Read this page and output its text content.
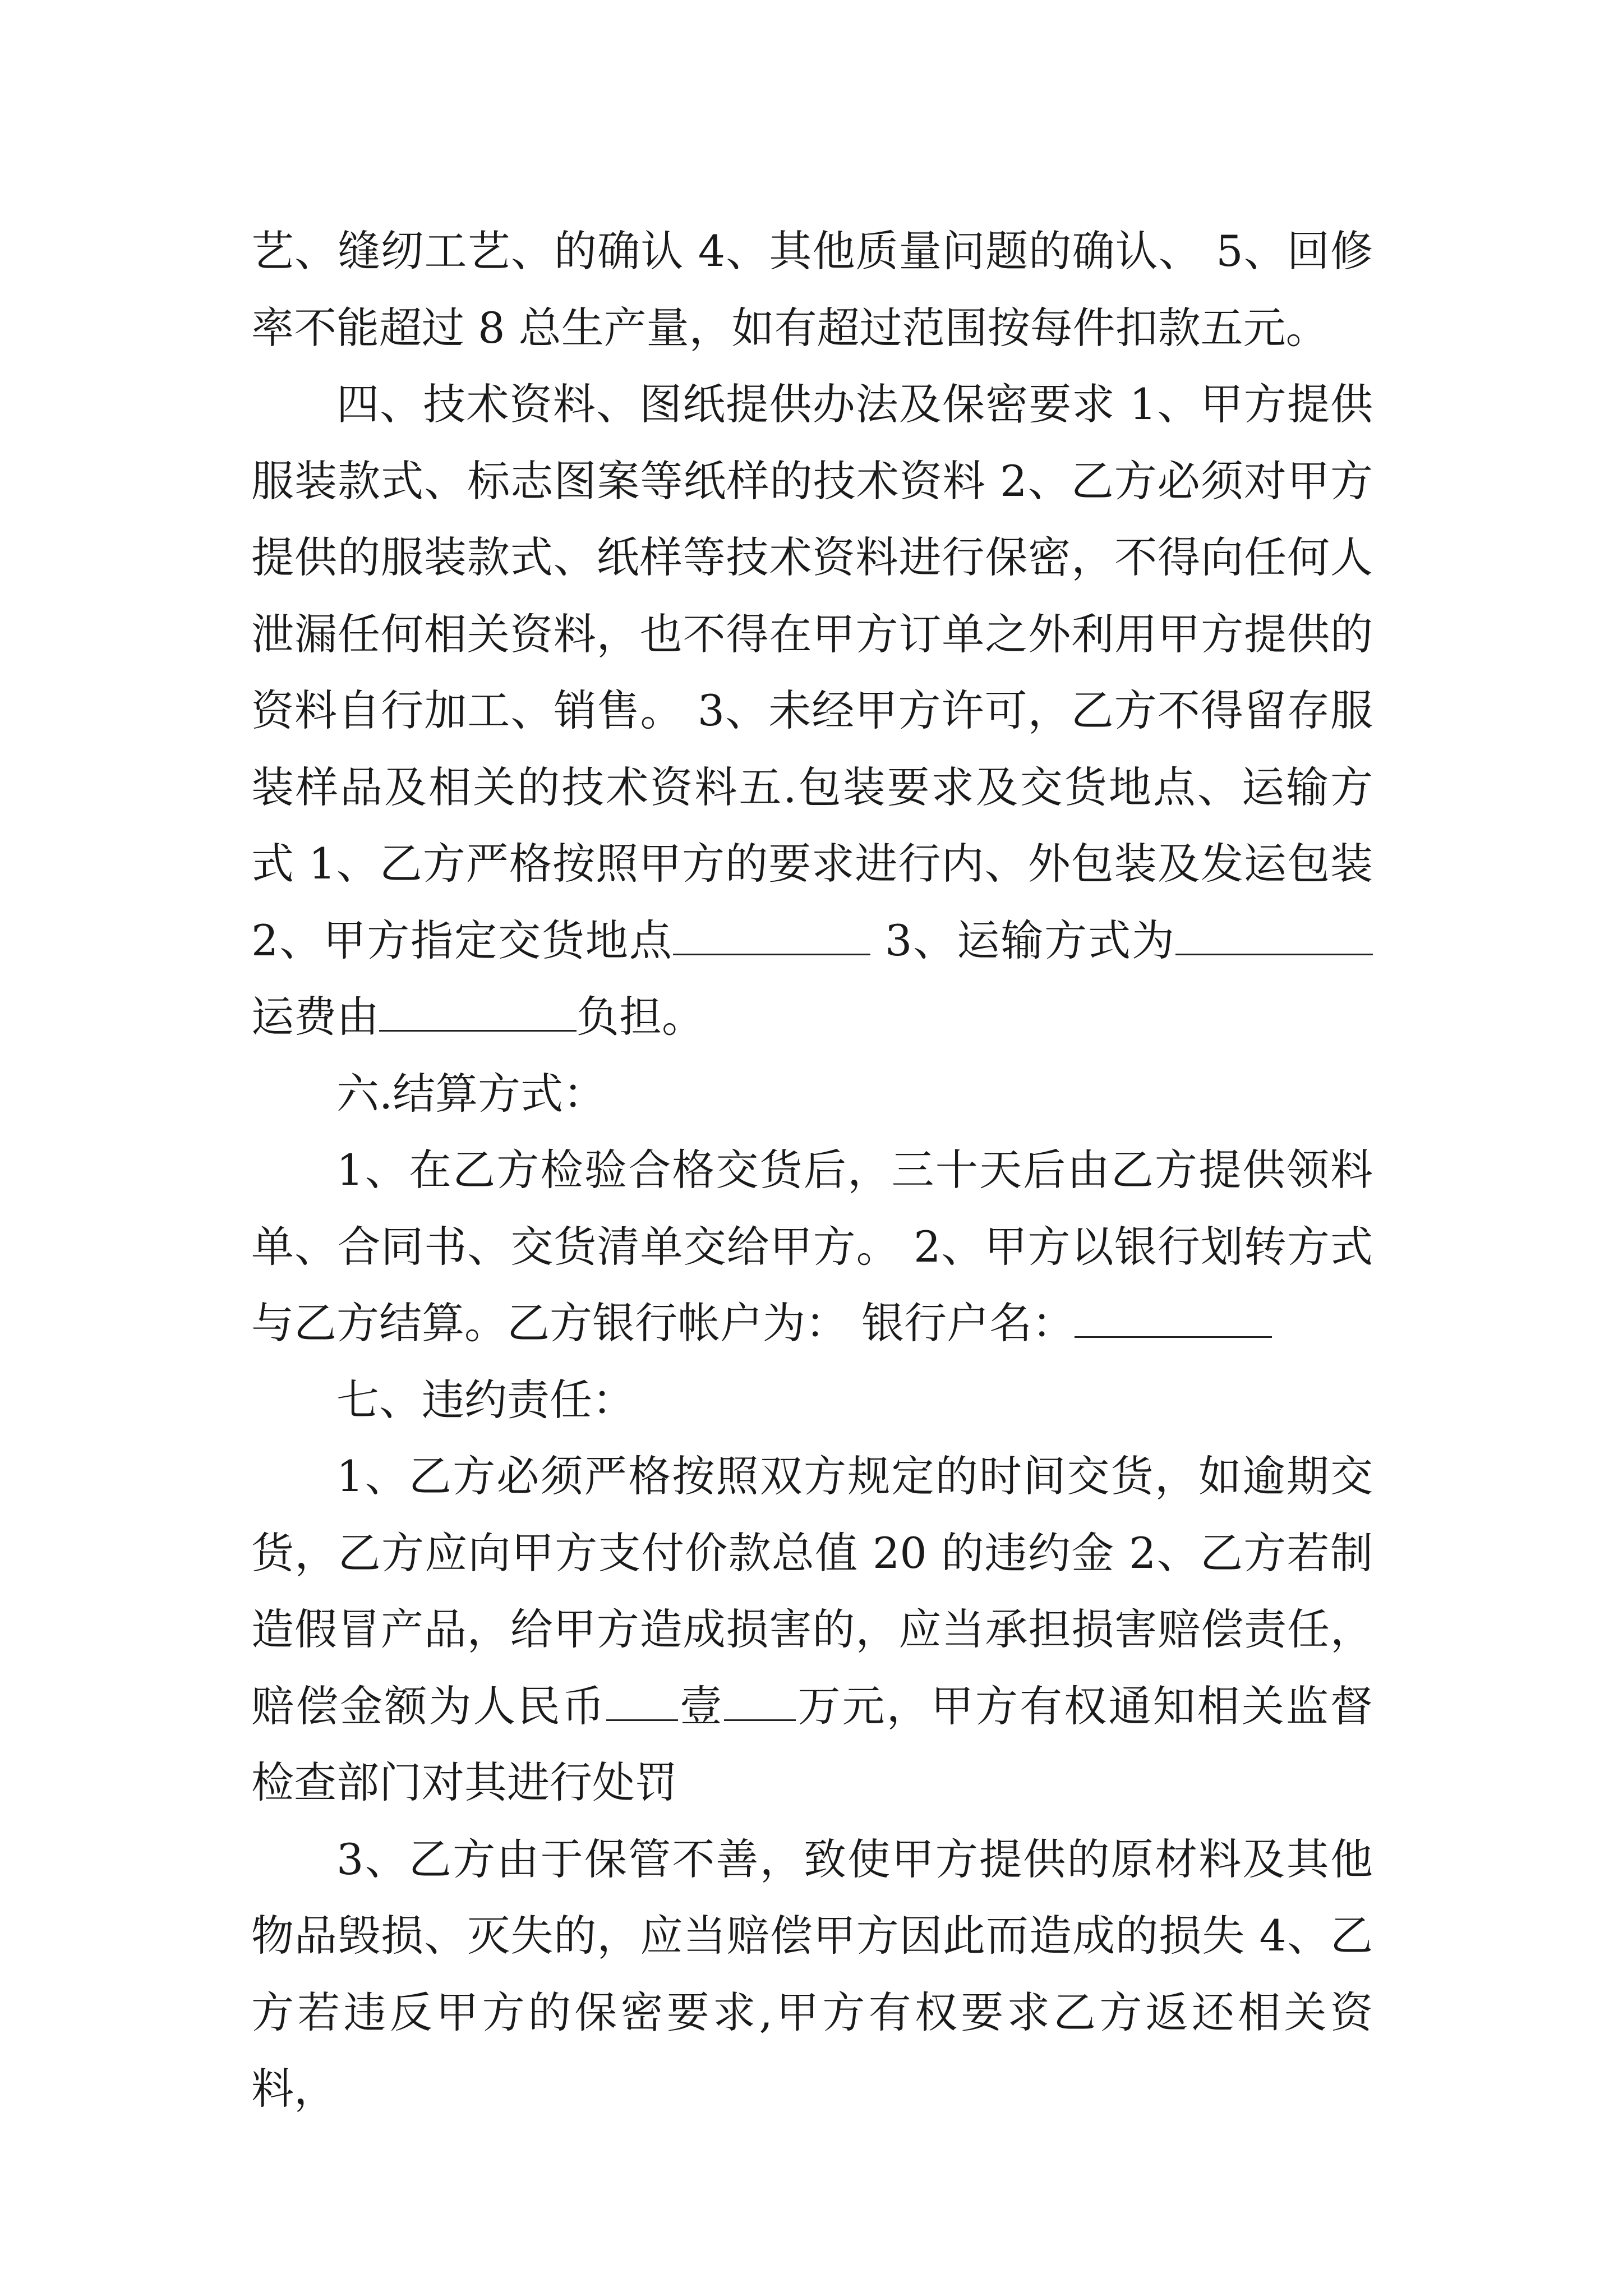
艺、缝纫工艺、的确认 4、其他质量问题的确认、 5、回修率不能超过 8 总生产量，如有超过范围按每件扣款五元。

四、技术资料、图纸提供办法及保密要求 1、甲方提供服装款式、标志图案等纸样的技术资料 2、乙方必须对甲方提供的服装款式、纸样等技术资料进行保密，不得向任何人泄漏任何相关资料，也不得在甲方订单之外利用甲方提供的资料自行加工、销售。 3、未经甲方许可，乙方不得留存服装样品及相关的技术资料五.包装要求及交货地点、运输方式 1、乙方严格按照甲方的要求进行内、外包装及发运包装 2、甲方指定交货地点	3、运输方式为运费由	负担。

六.结算方式：

1、在乙方检验合格交货后，三十天后由乙方提供领料单、合同书、交货清单交给甲方。 2、甲方以银行划转方式与乙方结算。乙方银行帐户为： 银行户名：

七、违约责任：

1、乙方必须严格按照双方规定的时间交货，如逾期交货，乙方应向甲方支付价款总值 20 的违约金 2、乙方若制造假冒产品，给甲方造成损害的，应当承担损害赔偿责任，赔偿金额为人民币 壹 万元，甲方有权通知相关监督检查部门对其进行处罚

3、乙方由于保管不善，致使甲方提供的原材料及其他物品毁损、灭失的，应当赔偿甲方因此而造成的损失 4、乙方若违反甲方的保密要求,甲方有权要求乙方返还相关资料，
